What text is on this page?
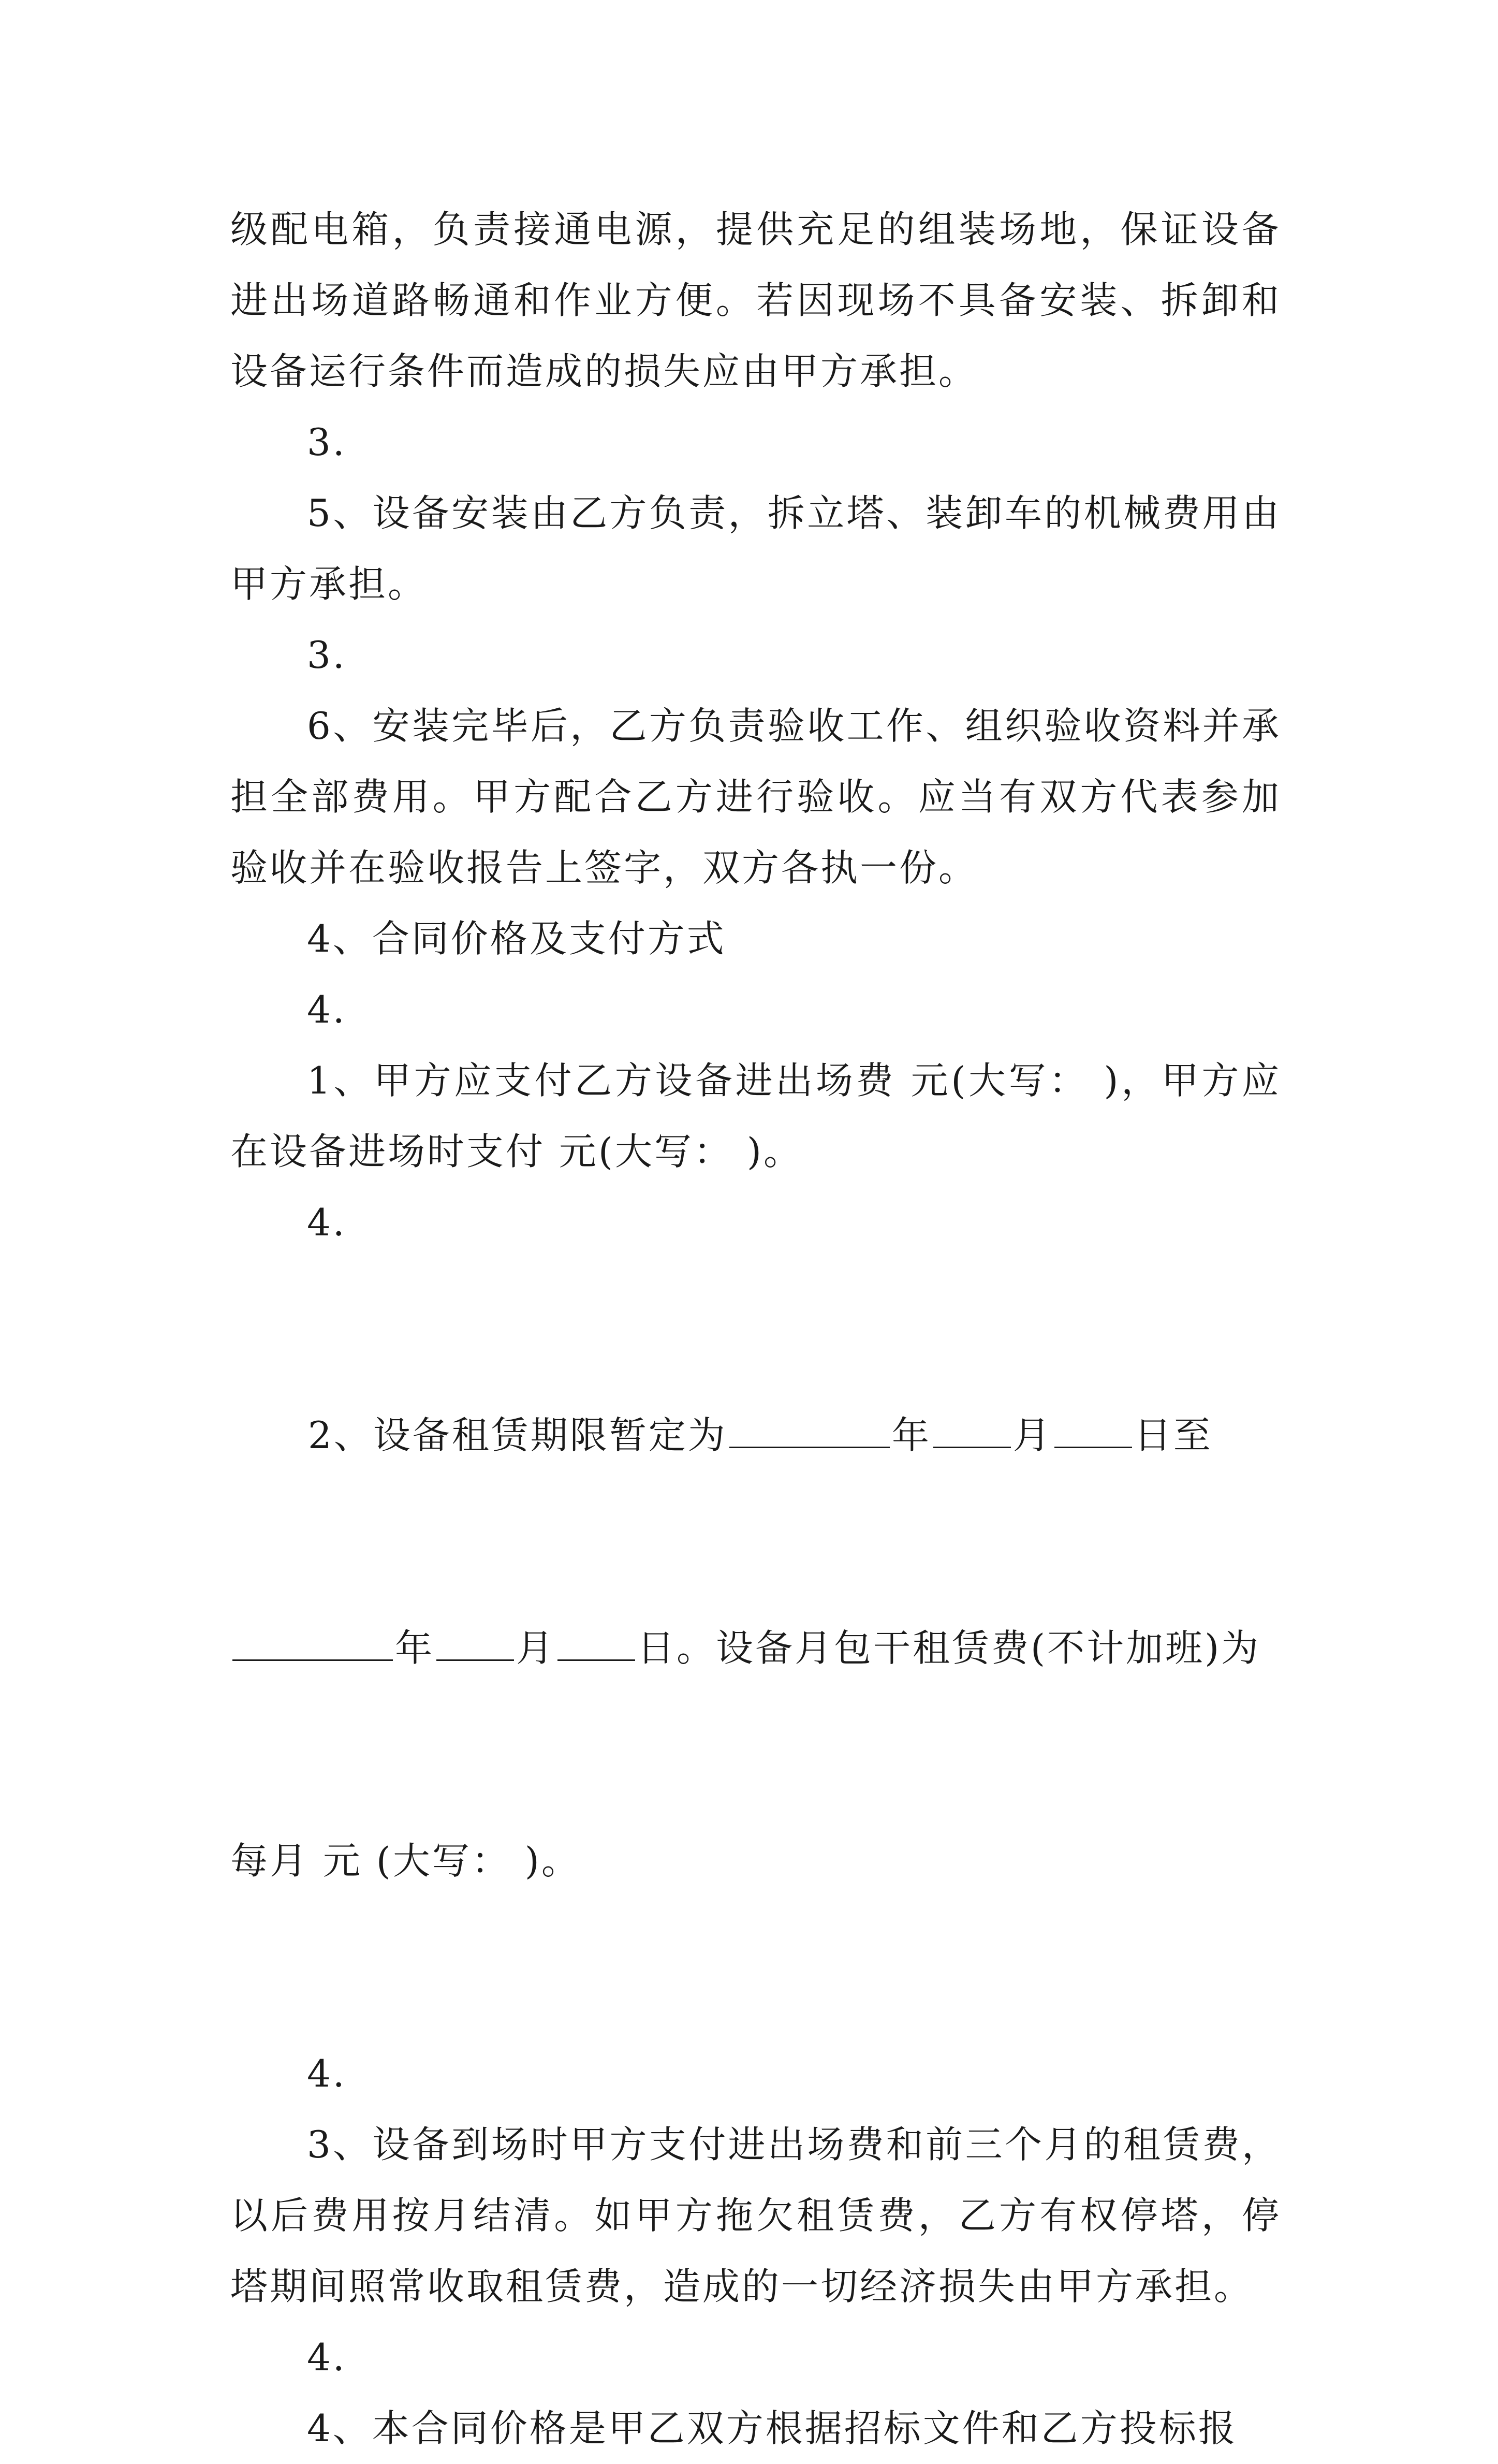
级配电箱，负责接通电源，提供充足的组装场地，保证设备进出场道路畅通和作业方便。若因现场不具备安装、拆卸和设备运行条件而造成的损失应由甲方承担。

3.

5、设备安装由乙方负责，拆立塔、装卸车的机械费用由甲方承担。

3.

6、安装完毕后，乙方负责验收工作、组织验收资料并承担全部费用。甲方配合乙方进行验收。应当有双方代表参加验收并在验收报告上签字，双方各执一份。

4、合同价格及支付方式

4.

1、甲方应支付乙方设备进出场费 元(大写： )，甲方应在设备进场时支付 元(大写： )。

4.

2、设备租赁期限暂定为	年 月 日至

年 月 日。设备月包干租赁费(不计加班)为

每月 元 (大写： )。

4.

3、设备到场时甲方支付进出场费和前三个月的租赁费，以后费用按月结清。如甲方拖欠租赁费，乙方有权停塔，停塔期间照常收取租赁费，造成的一切经济损失由甲方承担。

4.

4、本合同价格是甲乙双方根据招标文件和乙方投标报
